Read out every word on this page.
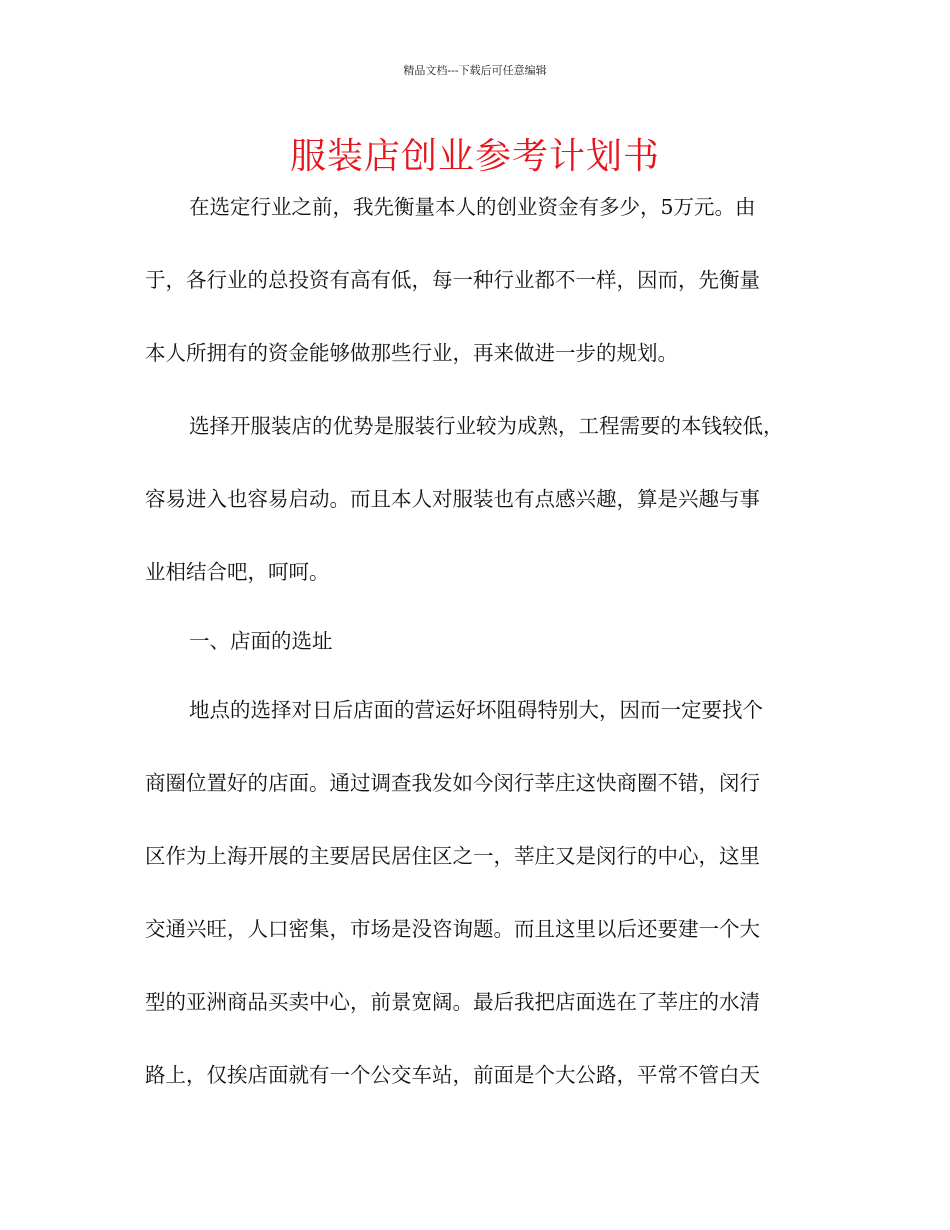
精品文档---下载后可任意编辑
服装店创业参考计划书
在选定行业之前，我先衡量本人的创业资金有多少，5万元。由
于，各行业的总投资有高有低，每一种行业都不一样，因而，先衡量
本人所拥有的资金能够做那些行业，再来做进一步的规划。
选择开服装店的优势是服装行业较为成熟，工程需要的本钱较低，
容易进入也容易启动。而且本人对服装也有点感兴趣，算是兴趣与事
业相结合吧，呵呵。
一、店面的选址
地点的选择对日后店面的营运好坏阻碍特别大，因而一定要找个
商圈位置好的店面。通过调查我发如今闵行莘庄这快商圈不错，闵行
区作为上海开展的主要居民居住区之一，莘庄又是闵行的中心，这里
交通兴旺，人口密集，市场是没咨询题。而且这里以后还要建一个大
型的亚洲商品买卖中心，前景宽阔。最后我把店面选在了莘庄的水清
路上，仅挨店面就有一个公交车站，前面是个大公路，平常不管白天
